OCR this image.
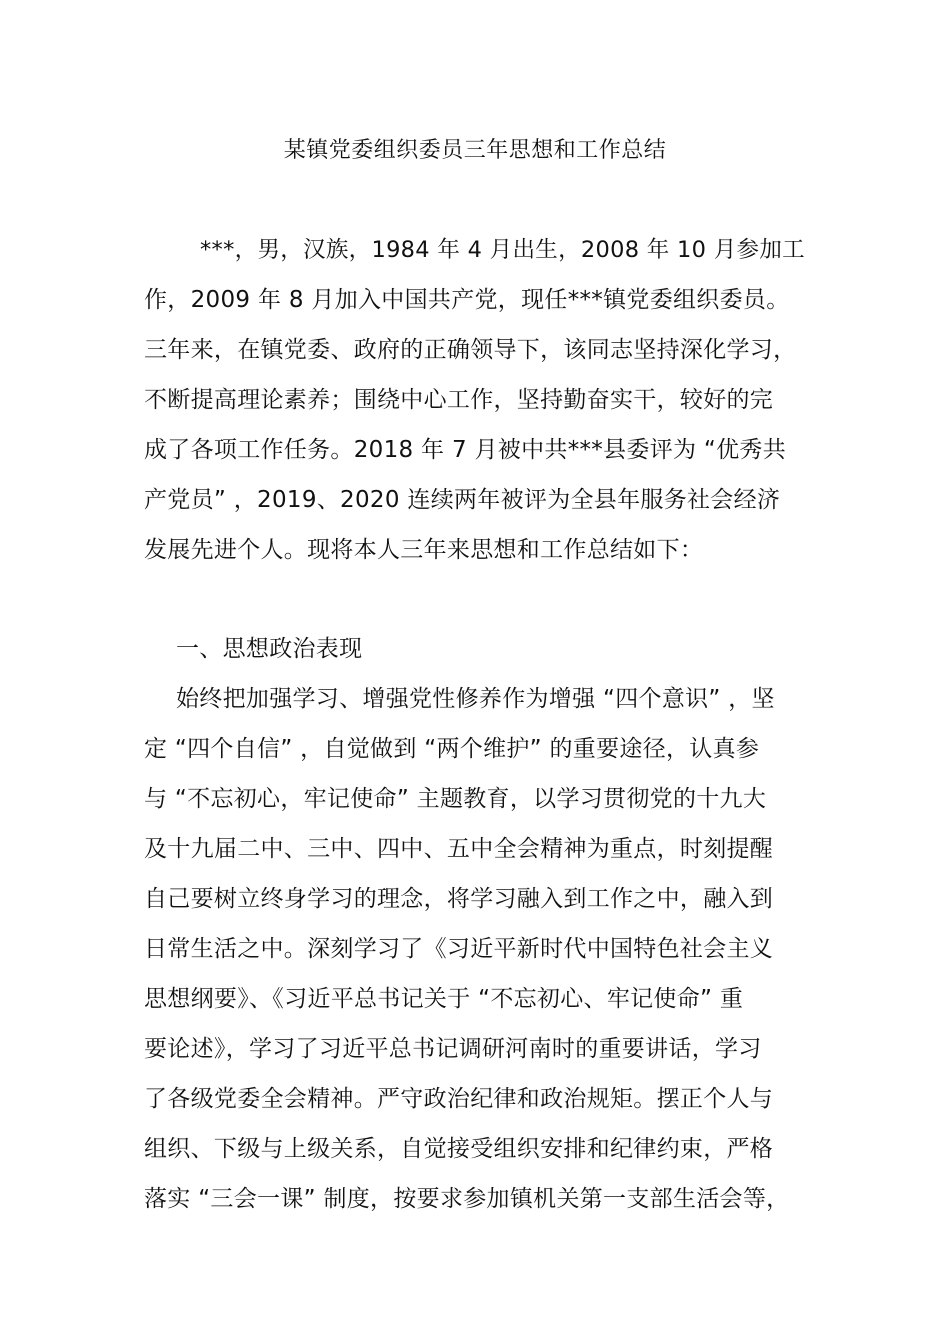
某镇党委组织委员三年思想和工作总结
***，男，汉族，1984 年 4 月出生，2008 年 10 月参加工
作，2009 年 8 月加入中国共产党，现任***镇党委组织委员。
三年来，在镇党委、政府的正确领导下，该同志坚持深化学习，
不断提高理论素养；围绕中心工作，坚持勤奋实干，较好的完
成了各项工作任务。2018 年 7 月被中共***县委评为 “优秀共
产党员” ，2019、2020 连续两年被评为全县年服务社会经济
发展先进个人。现将本人三年来思想和工作总结如下：
一、思想政治表现
始终把加强学习、增强党性修养作为增强 “四个意识” ，坚
定 “四个自信” ，自觉做到 “两个维护” 的重要途径，认真参
与 “不忘初心，牢记使命” 主题教育，以学习贯彻党的十九大
及十九届二中、三中、四中、五中全会精神为重点，时刻提醒
自己要树立终身学习的理念，将学习融入到工作之中，融入到
日常生活之中。深刻学习了《习近平新时代中国特色社会主义
思想纲要》、《习近平总书记关于 “不忘初心、牢记使命” 重
要论述》，学习了习近平总书记调研河南时的重要讲话，学习
了各级党委全会精神。严守政治纪律和政治规矩。摆正个人与
组织、下级与上级关系，自觉接受组织安排和纪律约束，严格
落实 “三会一课” 制度，按要求参加镇机关第一支部生活会等，
